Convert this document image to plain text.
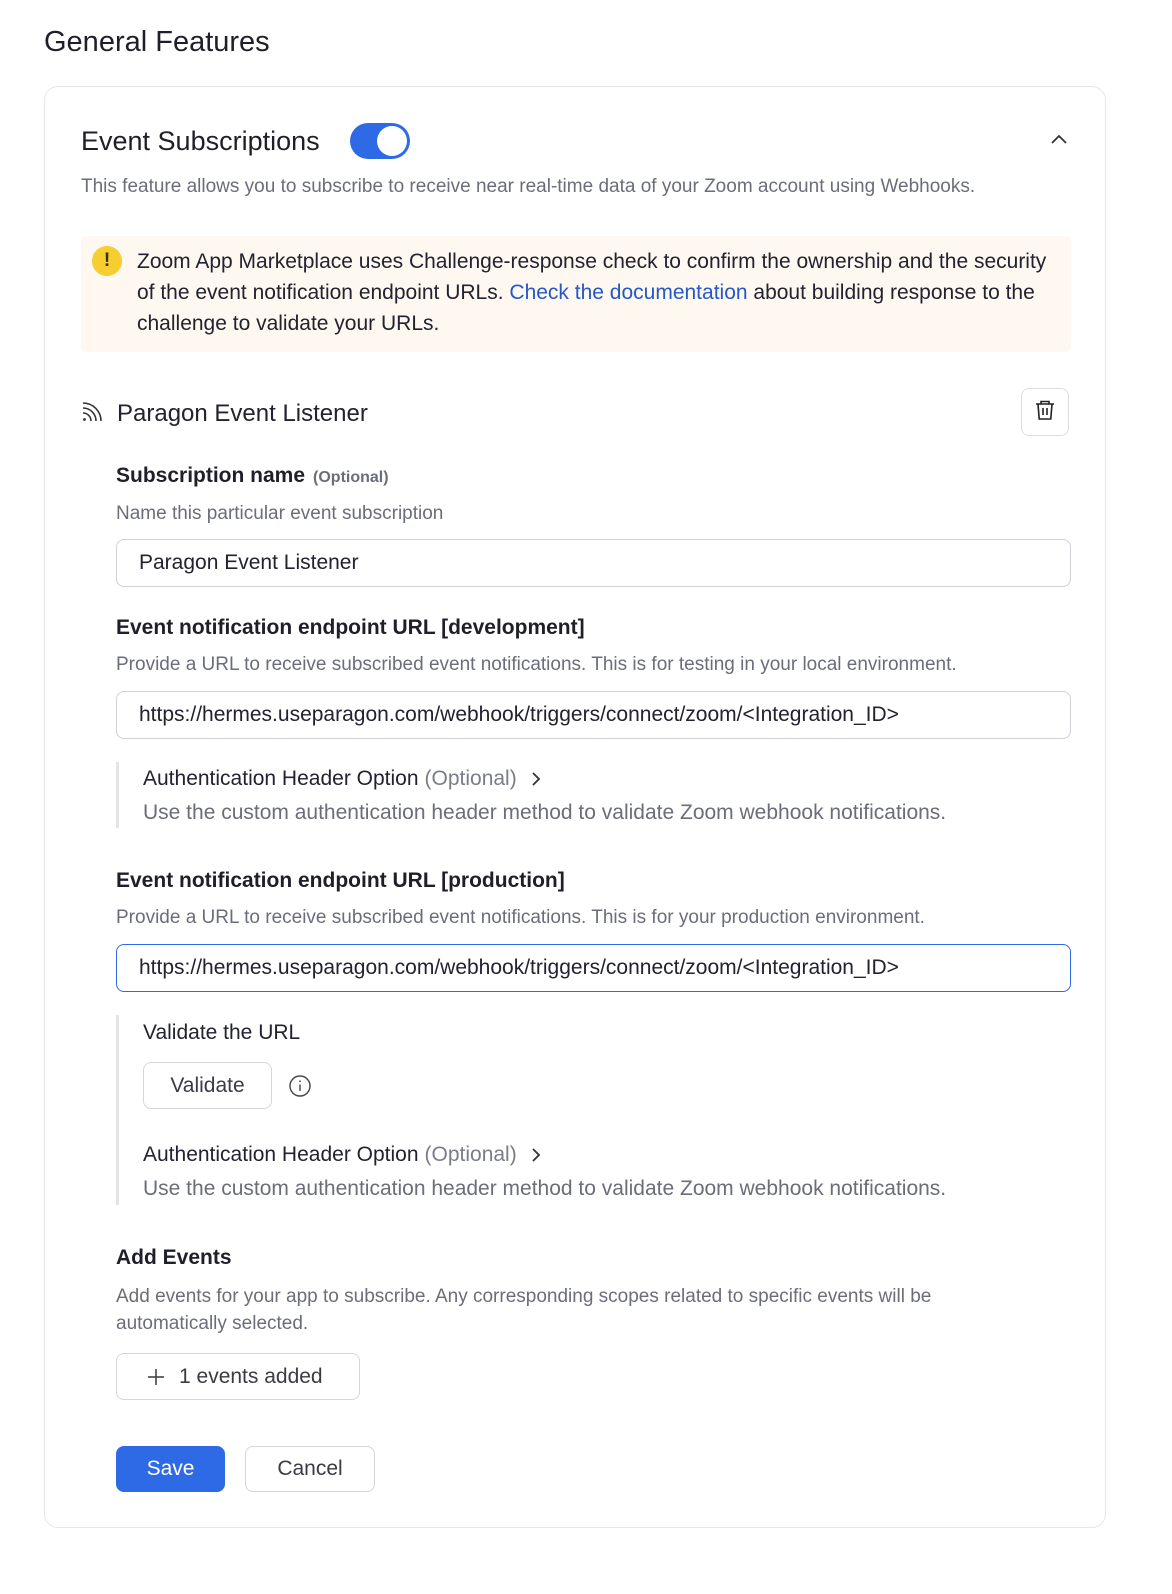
General Features
Event Subscriptions
This feature allows you to subscribe to receive near real-time data of your Zoom account using Webhooks.
!	Zoom App Marketplace uses Challenge-response check to confirm the ownership and the security of the event notification endpoint URLs. Check the documentation about building response to the challenge to validate your URLs.
Paragon Event Listener
Subscription name (Optional)
Name this particular event subscription
Paragon Event Listener
Event notification endpoint URL [development]
Provide a URL to receive subscribed event notifications. This is for testing in your local environment.
https://hermes.useparagon.com/webhook/triggers/connect/zoom/<Integration_ID>
Authentication Header Option (Optional)
Use the custom authentication header method to validate Zoom webhook notifications.
Event notification endpoint URL [production]
Provide a URL to receive subscribed event notifications. This is for your production environment.
https://hermes.useparagon.com/webhook/triggers/connect/zoom/<Integration_ID>
Validate the URL
Validate
Authentication Header Option (Optional)
Use the custom authentication header method to validate Zoom webhook notifications.
Add Events
Add events for your app to subscribe. Any corresponding scopes related to specific events will be automatically selected.
1 events added
Save	Cancel
